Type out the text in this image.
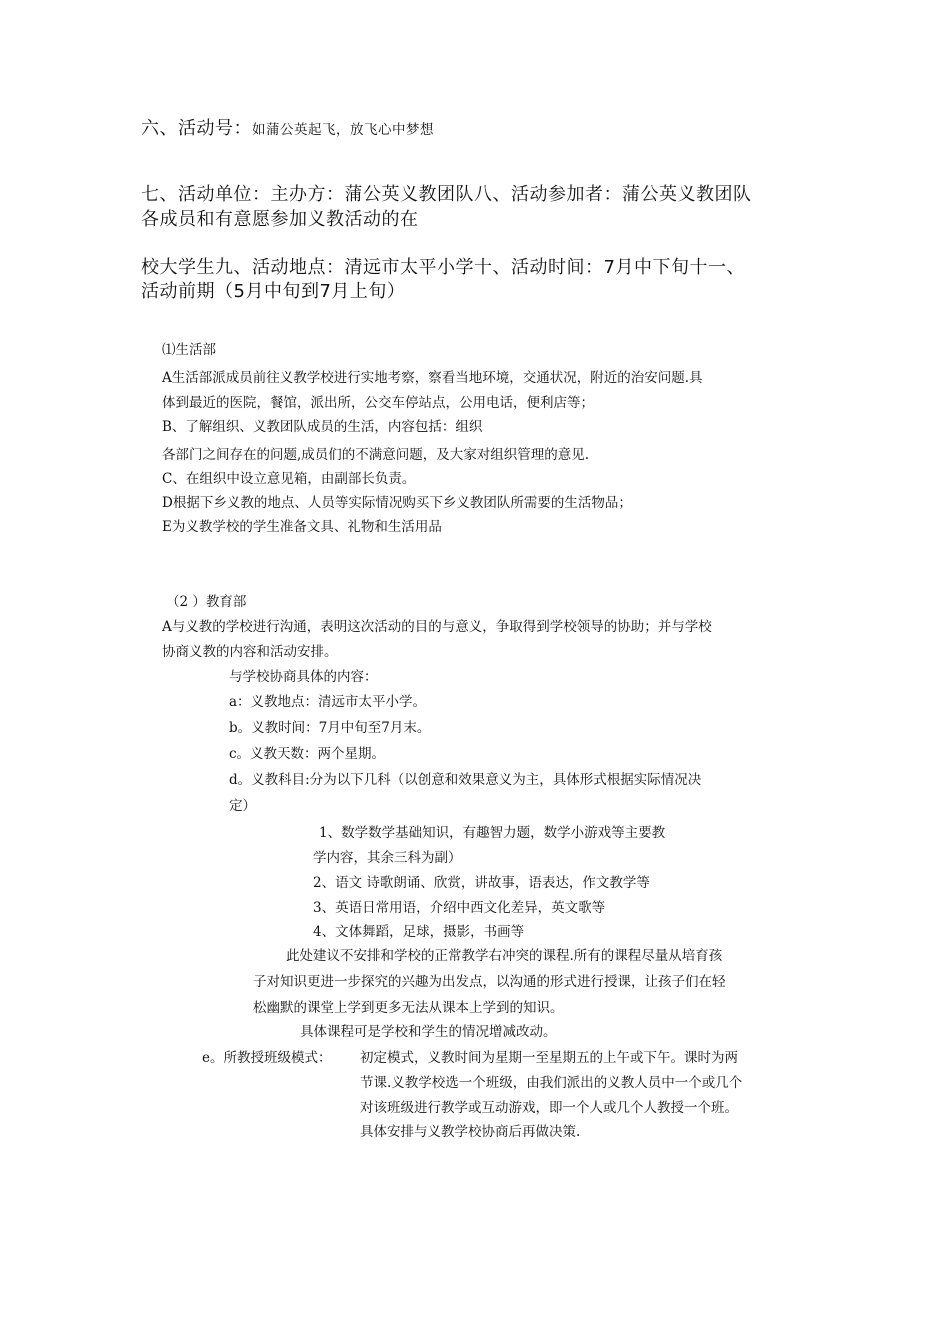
六、活动号：如蒲公英起飞，放飞心中梦想
七、活动单位：主办方：蒲公英义教团队八、活动参加者：蒲公英义教团队
各成员和有意愿参加义教活动的在
校大学生九、活动地点：清远市太平小学十、活动时间：7月中下旬十一、
活动前期（5月中旬到7月上旬）
⑴生活部
A生活部派成员前往义教学校进行实地考察，察看当地环境，交通状况，附近的治安问题.具
体到最近的医院，餐馆，派出所，公交车停站点，公用电话，便利店等；
B、了解组织、义教团队成员的生活，内容包括：组织
各部门之间存在的问题,成员们的不满意问题，及大家对组织管理的意见.
C、在组织中设立意见箱，由副部长负责。
D根据下乡义教的地点、人员等实际情况购买下乡义教团队所需要的生活物品；
E为义教学校的学生准备文具、礼物和生活用品
（2 ）教育部
A与义教的学校进行沟通，表明这次活动的目的与意义，争取得到学校领导的协助；并与学校
协商义教的内容和活动安排。
与学校协商具体的内容：
a：义教地点：清远市太平小学。
b。义教时间：7月中旬至7月末。
c。义教天数：两个星期。
d。义教科目:分为以下几科（以创意和效果意义为主，具体形式根据实际情况决
定）
1、数学数学基础知识，有趣智力题，数学小游戏等主要教
学内容，其余三科为副）
2、语文 诗歌朗诵、欣赏，讲故事，语表达，作文教学等
3、英语日常用语，介绍中西文化差异，英文歌等
4、文体舞蹈，足球，摄影，书画等
此处建议不安排和学校的正常教学右冲突的课程.所有的课程尽量从培育孩
子对知识更进一步探究的兴趣为出发点，以沟通的形式进行授课，让孩子们在轻
松幽默的课堂上学到更多无法从课本上学到的知识。
具体课程可是学校和学生的情况增减改动。
e。所教授班级模式： 初定模式，义教时间为星期一至星期五的上午或下午。课时为两
节课.义教学校选一个班级，由我们派出的义教人员中一个或几个
对该班级进行教学或互动游戏，即一个人或几个人教授一个班。
具体安排与义教学校协商后再做决策.
